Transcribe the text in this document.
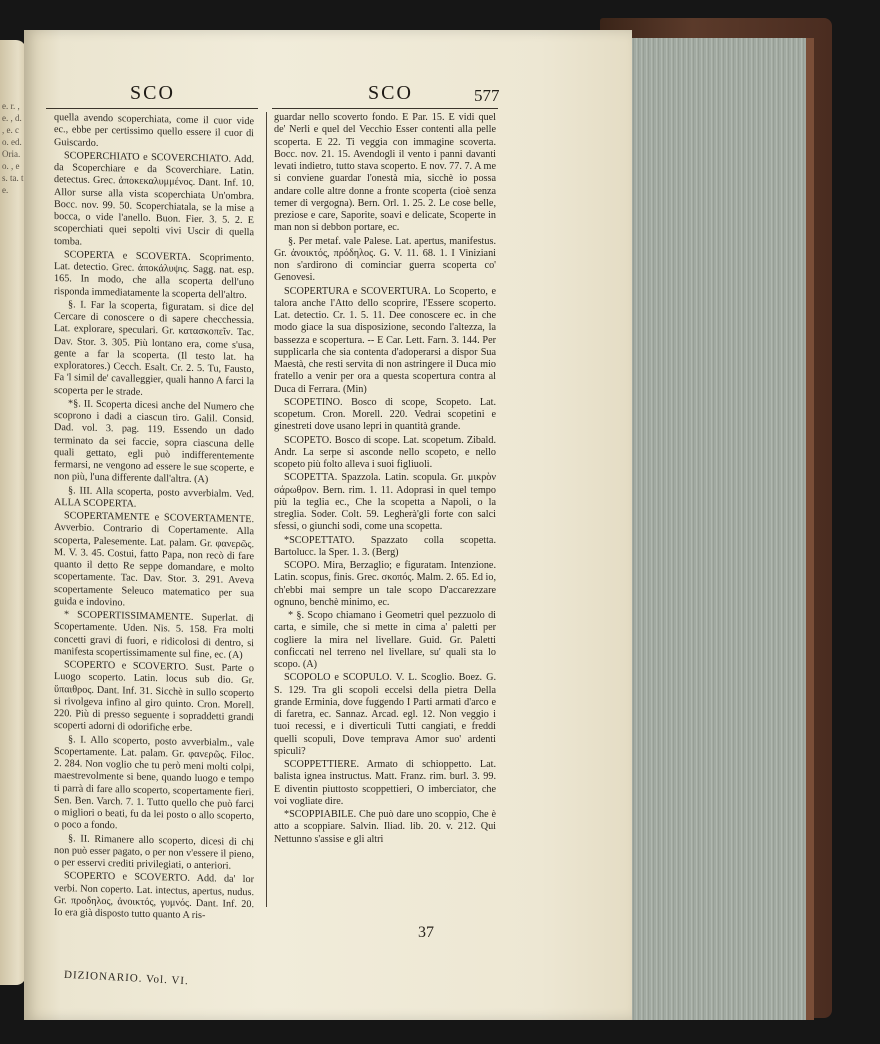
e. r. , e. , d. , e. co. ed. Oria. o. , es. ta. te.
SCO	SCO	577

quella avendo scoperchiata, come il cuor vide ec., ebbe per certissimo quello essere il cuor di Guiscardo.

SCOPERCHIATO e SCOVERCHIATO. Add. da Scoperchiare e da Scoverchiare. Latin. detectus. Grec. ἀποκεκαλυμμένος. Dant. Inf. 10. Allor surse alla vista scoperchiata Un'ombra. Bocc. nov. 99. 50. Scoperchiatala, se la mise a bocca, o vide l'anello. Buon. Fier. 3. 5. 2. E scoperchiati quei sepolti vivi Uscir di quella tomba.

SCOPERTA e SCOVERTA. Scoprimento. Lat. detectio. Grec. ἀποκάλυψις. Sagg. nat. esp. 165. In modo, che alla scoperta dell'uno risponda immediatamente la scoperta dell'altro.

§. I. Far la scoperta, figuratam. si dice del Cercare di conoscere o di sapere checchessia. Lat. explorare, speculari. Gr. κατασκοπεῖν. Tac. Dav. Stor. 3. 305. Più lontano era, come s'usa, gente a far la scoperta. (Il testo lat. ha exploratores.) Cecch. Esalt. Cr. 2. 5. Tu, Fausto, Fa 'l simil de' cavalleggier, quali hanno A farci la scoperta per le strade.

*§. II. Scoperta dicesi anche del Numero che scoprono i dadi a ciascun tiro. Galil. Consid. Dad. vol. 3. pag. 119. Essendo un dado terminato da sei faccie, sopra ciascuna delle quali gettato, egli può indifferentemente fermarsi, ne vengono ad essere le sue scoperte, e non più, l'una differente dall'altra. (A)

§. III. Alla scoperta, posto avverbialm. Ved. ALLA SCOPERTA.

SCOPERTAMENTE e SCOVERTAMENTE. Avverbio. Contrario di Copertamente. Alla scoperta, Palesemente. Lat. palam. Gr. φανερῶς. M. V. 3. 45. Costui, fatto Papa, non recò di fare quanto il detto Re seppe domandare, e molto scopertamente. Tac. Dav. Stor. 3. 291. Aveva scopertamente Seleuco matematico per sua guida e indovino.

* SCOPERTISSIMAMENTE. Superlat. di Scopertamente. Uden. Nis. 5. 158. Fra molti concetti gravi di fuori, e ridicolosi di dentro, si manifesta scopertissimamente sul fine, ec. (A)

SCOPERTO e SCOVERTO. Sust. Parte o Luogo scoperto. Latin. locus sub dio. Gr. ὕπαιθρος. Dant. Inf. 31. Sicchè in sullo scoperto si rivolgeva infino al giro quinto. Cron. Morell. 220. Più di presso seguente i sopraddetti grandi scoperti adorni di odorifiche erbe.

§. I. Allo scoperto, posto avverbialm., vale Scopertamente. Lat. palam. Gr. φανερῶς. Filoc. 2. 284. Non voglio che tu però meni molti colpi, maestrevolmente si bene, quando luogo e tempo ti parrà di fare allo scoperto, scopertamente fieri. Sen. Ben. Varch. 7. 1. Tutto quello che può farci o migliori o beati, fu da lei posto o allo scoperto, o poco a fondo.

§. II. Rimanere allo scoperto, dicesi di chi non può esser pagato, o per non v'essere il pieno, o per esservi crediti privilegiati, o anteriori.

SCOPERTO e SCOVERTO. Add. da' lor verbi. Non coperto. Lat. intectus, apertus, nudus. Gr. προδηλος, ἀνοικτός, γυμνός. Dant. Inf. 20. Io era già disposto tutto quanto A ris-

guardar nello scoverto fondo. E Par. 15. E vidi quel de' Nerli e quel del Vecchio Esser contenti alla pelle scoperta. E 22. Ti veggia con immagine scoverta. Bocc. nov. 21. 15. Avendogli il vento i panni davanti levati indietro, tutto stava scoperto. E nov. 77. 7. A me si conviene guardar l'onestà mia, sicchè io possa andare colle altre donne a fronte scoperta (cioè senza temer di vergogna). Bern. Orl. 1. 25. 2. Le cose belle, preziose e care, Saporite, soavi e delicate, Scoperte in man non si debbon portare, ec.

§. Per metaf. vale Palese. Lat. apertus, manifestus. Gr. ἀνοικτός, πρόδηλος. G. V. 11. 68. 1. I Viniziani non s'ardirono di cominciar guerra scoperta co' Genovesi.

SCOPERTURA e SCOVERTURA. Lo Scoperto, e talora anche l'Atto dello scoprire, l'Essere scoperto. Lat. detectio. Cr. 1. 5. 11. Dee conoscere ec. in che modo giace la sua disposizione, secondo l'altezza, la bassezza e scopertura. -- E Car. Lett. Farn. 3. 144. Per supplicarla che sia contenta d'adoperarsi a dispor Sua Maestà, che resti servita di non astringere il Duca mio fratello a venir per ora a questa scopertura contra al Duca di Ferrara. (Min)

SCOPETINO. Bosco di scope, Scopeto. Lat. scopetum. Cron. Morell. 220. Vedrai scopetini e ginestreti dove usano lepri in quantità grande.

SCOPETO. Bosco di scope. Lat. scopetum. Zibald. Andr. La serpe si asconde nello scopeto, e nello scopeto più folto alleva i suoi figliuoli.

SCOPETTA. Spazzola. Latin. scopula. Gr. μικρὸν σάρωθρον. Bern. rim. 1. 11. Adoprasi in quel tempo più la teglia ec., Che la scopetta a Napoli, o la streglia. Soder. Colt. 59. Legherà'gli forte con salci sfessi, o giunchi sodi, come una scopetta.

*SCOPETTATO. Spazzato colla scopetta. Bartolucc. la Sper. 1. 3. (Berg)

SCOPO. Mira, Berzaglio; e figuratam. Intenzione. Latin. scopus, finis. Grec. σκοπός. Malm. 2. 65. Ed io, ch'ebbi mai sempre un tale scopo D'accarezzare ognuno, benchè minimo, ec.

* §. Scopo chiamano i Geometri quel pezzuolo di carta, e simile, che si mette in cima a' paletti per cogliere la mira nel livellare. Guid. Gr. Paletti conficcati nel terreno nel livellare, su' quali sta lo scopo. (A)

SCOPOLO e SCOPULO. V. L. Scoglio. Boez. G. S. 129. Tra gli scopoli eccelsi della pietra Della grande Erminia, dove fuggendo I Parti armati d'arco e di faretra, ec. Sannaz. Arcad. egl. 12. Non veggio i tuoi recessi, e i diverticuli Tutti cangiati, e freddi quelli scopuli, Dove temprava Amor suo' ardenti spiculi?

SCOPPETTIERE. Armato di schioppetto. Lat. balista ignea instructus. Matt. Franz. rim. burl. 3. 99. E diventin piuttosto scoppettieri, O imberciator, che voi vogliate dire.

*SCOPPIABILE. Che può dare uno scoppio, Che è atto a scoppiare. Salvin. Iliad. lib. 20. v. 212. Qui Nettunno s'assise e gli altri

DIZIONARIO. Vol. VI.
37
